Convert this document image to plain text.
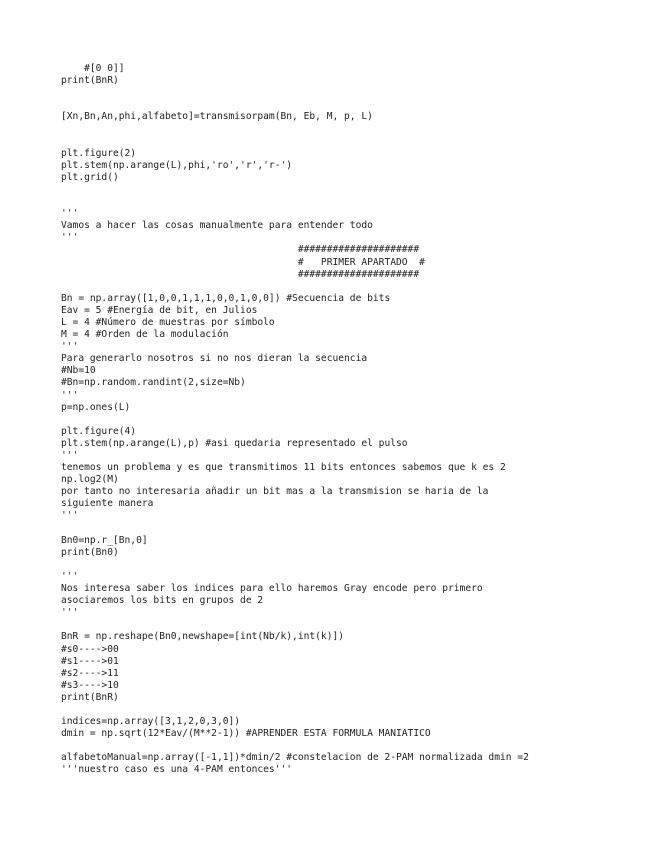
#[0 0]]
print(BnR)
[Xn,Bn,An,phi,alfabeto]=transmisorpam(Bn, Eb, M, p, L)
plt.figure(2)
plt.stem(np.arange(L),phi,'ro','r','r-')
plt.grid()
'''
Vamos a hacer las cosas manualmente para entender todo
'''
#####################
#   PRIMER APARTADO  #
#####################
Bn = np.array([1,0,0,1,1,1,0,0,1,0,0]) #Secuencia de bits
Eav = 5 #Energía de bit, en Julios
L = 4 #Número de muestras por símbolo
M = 4 #Orden de la modulación
'''
Para generarlo nosotros si no nos dieran la secuencia
#Nb=10
#Bn=np.random.randint(2,size=Nb)
'''
p=np.ones(L)
plt.figure(4)
plt.stem(np.arange(L),p) #asi quedaria representado el pulso
'''
tenemos un problema y es que transmitimos 11 bits entonces sabemos que k es 2
np.log2(M)
por tanto no interesaria añadir un bit mas a la transmision se haria de la
siguiente manera
'''
Bn0=np.r_[Bn,0]
print(Bn0)
'''
Nos interesa saber los indices para ello haremos Gray encode pero primero
asociaremos los bits en grupos de 2
'''
BnR = np.reshape(Bn0,newshape=[int(Nb/k),int(k)])
#s0---->00
#s1---->01
#s2---->11
#s3---->10
print(BnR)
indices=np.array([3,1,2,0,3,0])
dmin = np.sqrt(12*Eav/(M**2-1)) #APRENDER ESTA FORMULA MANIATICO
alfabetoManual=np.array([-1,1])*dmin/2 #constelacion de 2-PAM normalizada dmin =2
'''nuestro caso es una 4-PAM entonces'''
